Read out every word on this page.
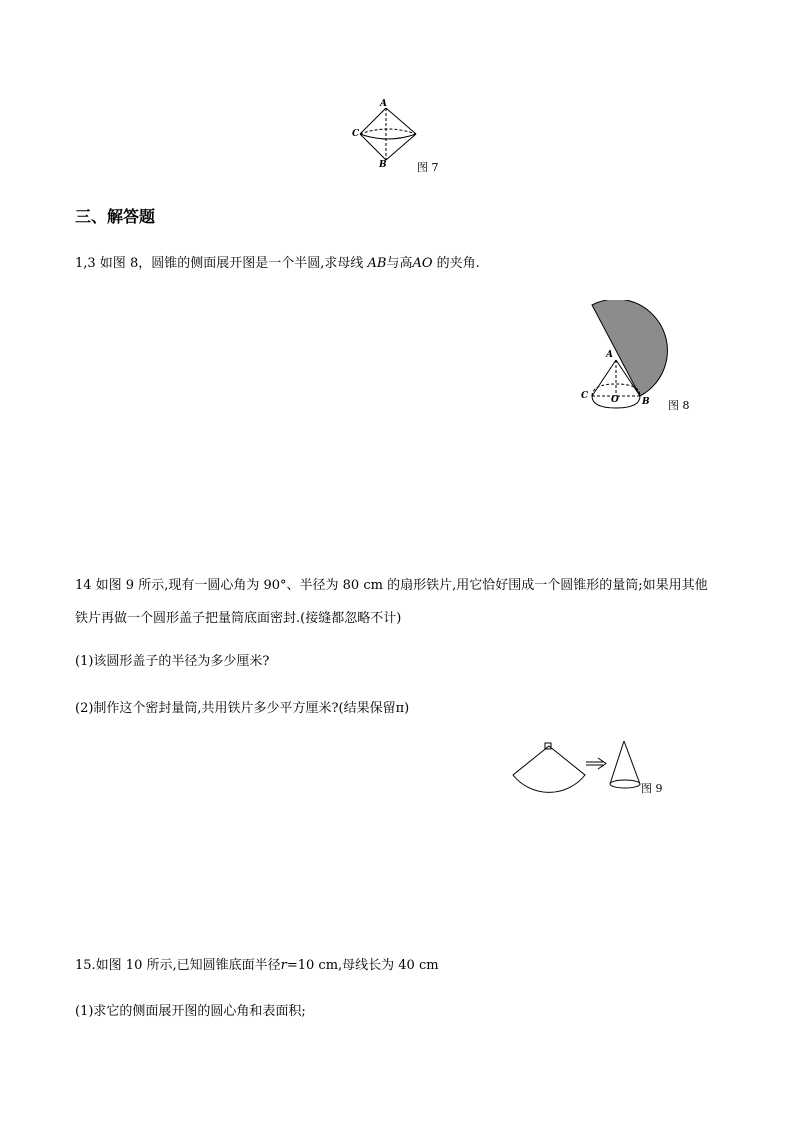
A
C
B	图 7
三、解答题
1,3 如图 8，圆锥的侧面展开图是一个半圆,求母线 AB与高AO 的夹角.
A
C	O	B 图 8
14 如图 9 所示,现有一圆心角为 90°、半径为 80 cm 的扇形铁片,用它恰好围成一个圆锥形的量筒;如果用其他
铁片再做一个圆形盖子把量筒底面密封.(接缝都忽略不计)
(1)该圆形盖子的半径为多少厘米?
(2)制作这个密封量筒,共用铁片多少平方厘米?(结果保留π)
图 9
15.如图 10 所示,已知圆锥底面半径r=10 cm,母线长为 40 cm
(1)求它的侧面展开图的圆心角和表面积;
